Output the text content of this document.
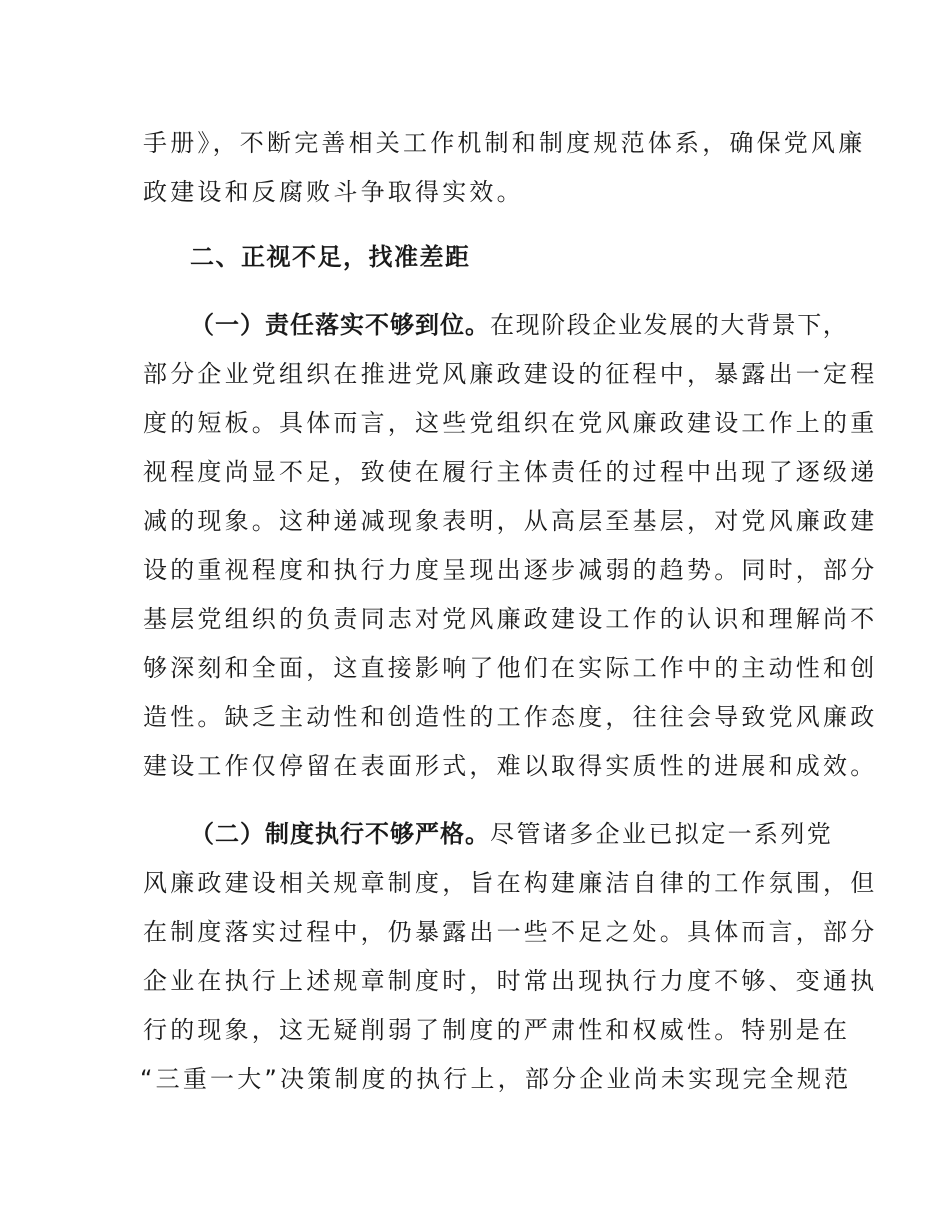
手册》，不断完善相关工作机制和制度规范体系，确保党风廉
政建设和反腐败斗争取得实效。
二、正视不足，找准差距
（一）责任落实不够到位。在现阶段企业发展的大背景下，
部分企业党组织在推进党风廉政建设的征程中，暴露出一定程
度的短板。具体而言，这些党组织在党风廉政建设工作上的重
视程度尚显不足，致使在履行主体责任的过程中出现了逐级递
减的现象。这种递减现象表明，从高层至基层，对党风廉政建
设的重视程度和执行力度呈现出逐步减弱的趋势。同时，部分
基层党组织的负责同志对党风廉政建设工作的认识和理解尚不
够深刻和全面，这直接影响了他们在实际工作中的主动性和创
造性。缺乏主动性和创造性的工作态度，往往会导致党风廉政
建设工作仅停留在表面形式，难以取得实质性的进展和成效。
（二）制度执行不够严格。尽管诸多企业已拟定一系列党
风廉政建设相关规章制度，旨在构建廉洁自律的工作氛围，但
在制度落实过程中，仍暴露出一些不足之处。具体而言，部分
企业在执行上述规章制度时，时常出现执行力度不够、变通执
行的现象，这无疑削弱了制度的严肃性和权威性。特别是在
“三重一大”决策制度的执行上，部分企业尚未实现完全规范
